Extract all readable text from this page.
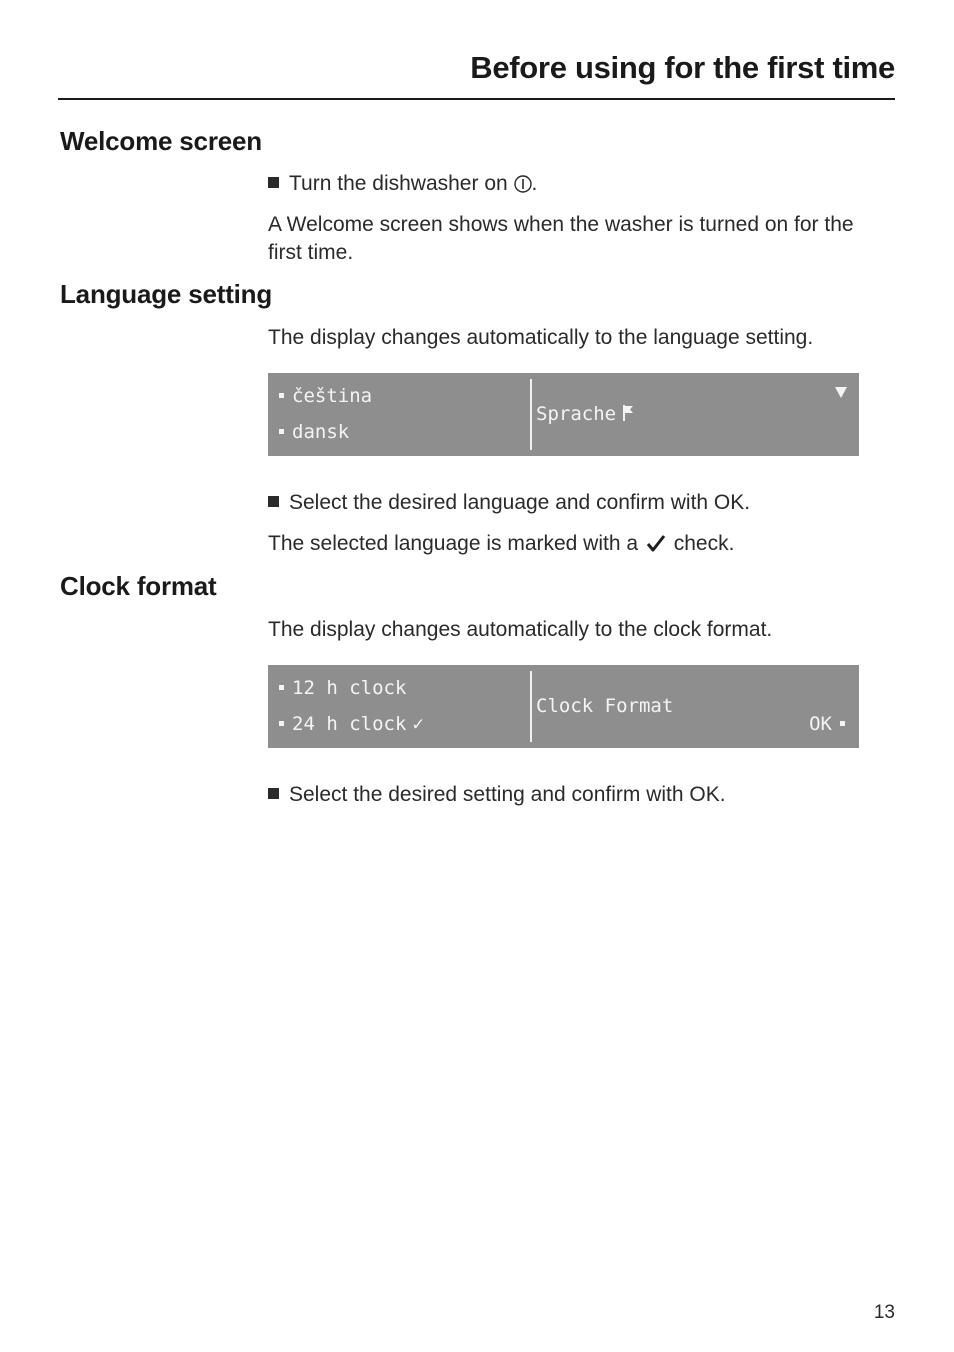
Before using for the first time
Welcome screen

Turn the dishwasher on .

A Welcome screen shows when the washer is turned on for the first time.

Language setting

The display changes automatically to the language setting.

čeština
dansk
Sprache

Select the desired language and confirm with OK.

The selected language is marked with a check.

Clock format

The display changes automatically to the clock format.

12 h clock
24 h clock ✓
Clock Format
OK

Select the desired setting and confirm with OK.

13
